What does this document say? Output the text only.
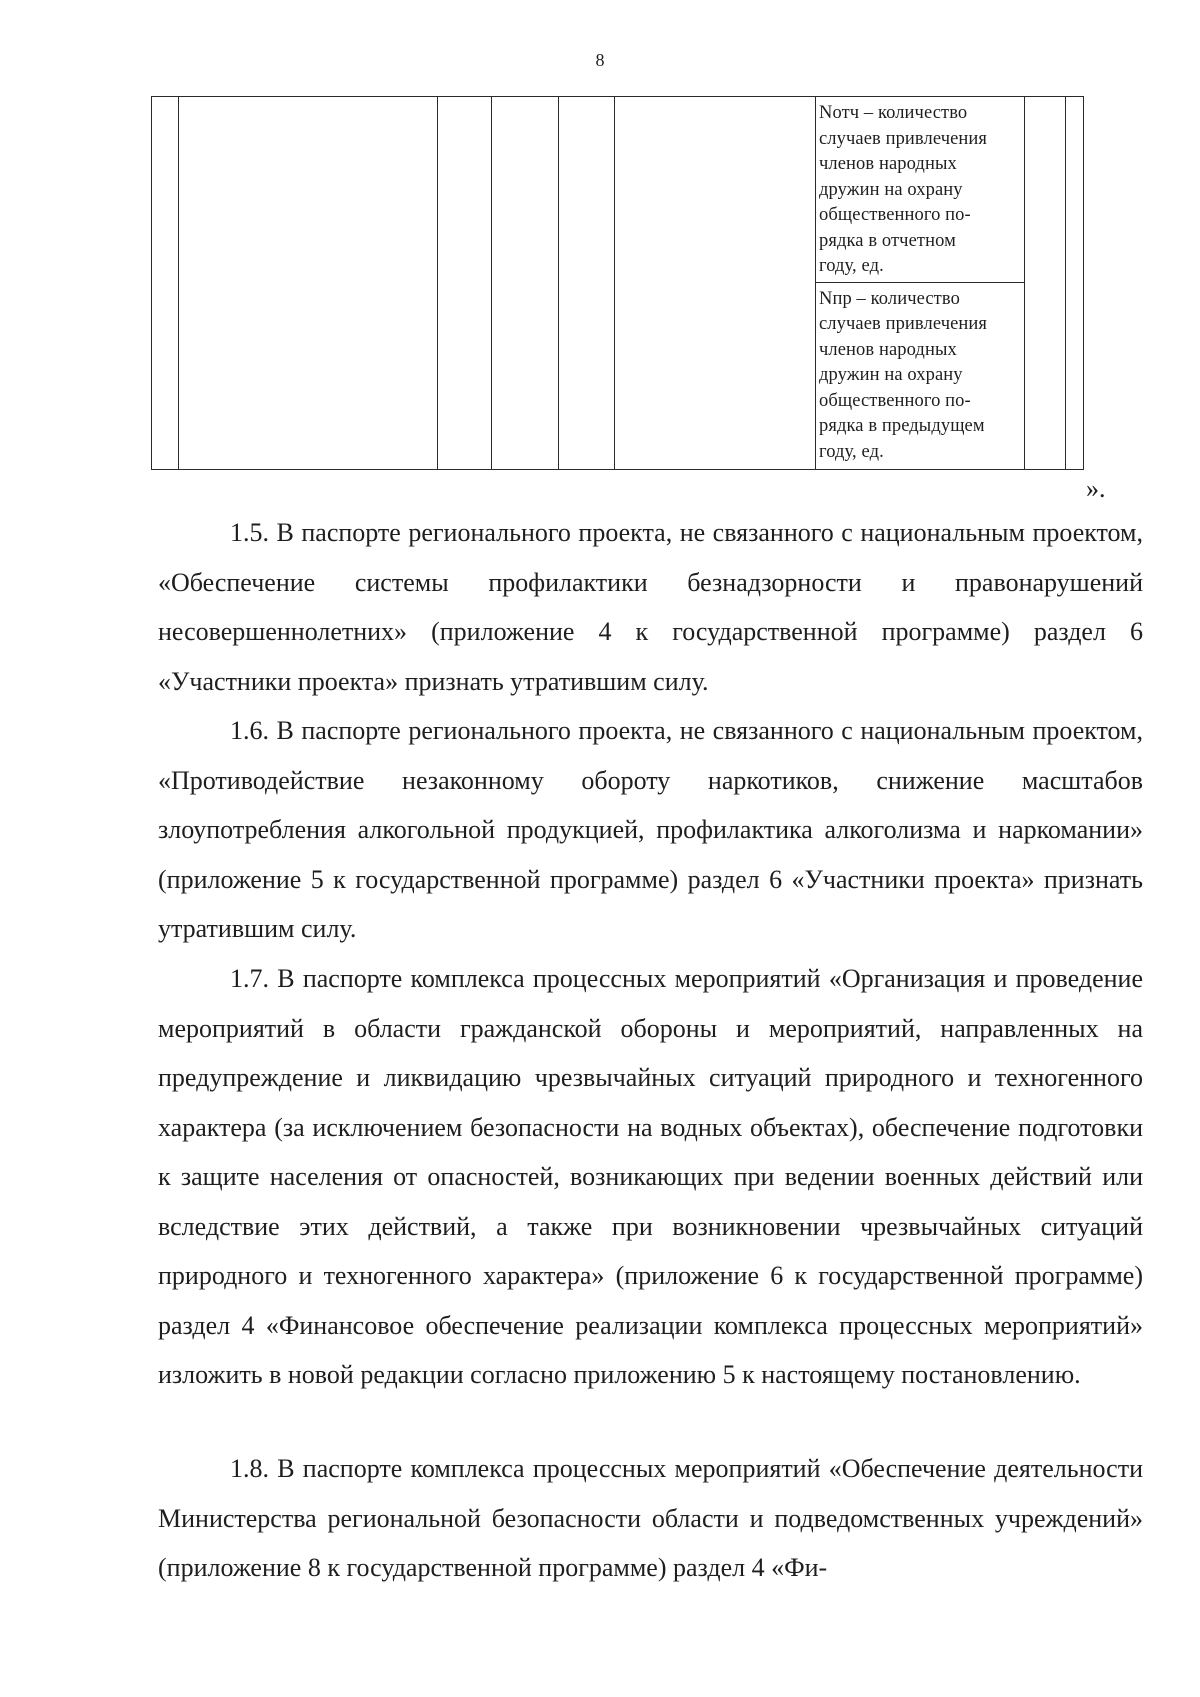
8

Nотч – количество
случаев привлечения
членов народных
дружин на охрану
общественного по-
рядка в отчетном
году, ед.
Nпр – количество
случаев привлечения
членов народных
дружин на охрану
общественного по-
рядка в предыдущем
году, ед.

».

1.5. В паспорте регионального проекта, не связанного с национальным проектом, «Обеспечение системы профилактики безнадзорности и правонарушений несовершеннолетних» (приложение 4 к государственной программе) раздел 6 «Участники проекта» признать утратившим силу.

1.6. В паспорте регионального проекта, не связанного с национальным проектом, «Противодействие незаконному обороту наркотиков, снижение масштабов злоупотребления алкогольной продукцией, профилактика алкоголизма и наркомании» (приложение 5 к государственной программе) раздел 6 «Участники проекта» признать утратившим силу.

1.7. В паспорте комплекса процессных мероприятий «Организация и проведение мероприятий в области гражданской обороны и мероприятий, направленных на предупреждение и ликвидацию чрезвычайных ситуаций природного и техногенного характера (за исключением безопасности на водных объектах), обеспечение подготовки к защите населения от опасностей, возникающих при ведении военных действий или вследствие этих действий, а также при возникновении чрезвычайных ситуаций природного и техногенного характера» (приложение 6 к государственной программе) раздел 4 «Финансовое обеспечение реализации комплекса процессных мероприятий» изложить в новой редакции согласно приложению 5 к настоящему постановлению.

1.8. В паспорте комплекса процессных мероприятий «Обеспечение деятельности Министерства региональной безопасности области и подведомственных учреждений» (приложение 8 к государственной программе) раздел 4 «Фи-
